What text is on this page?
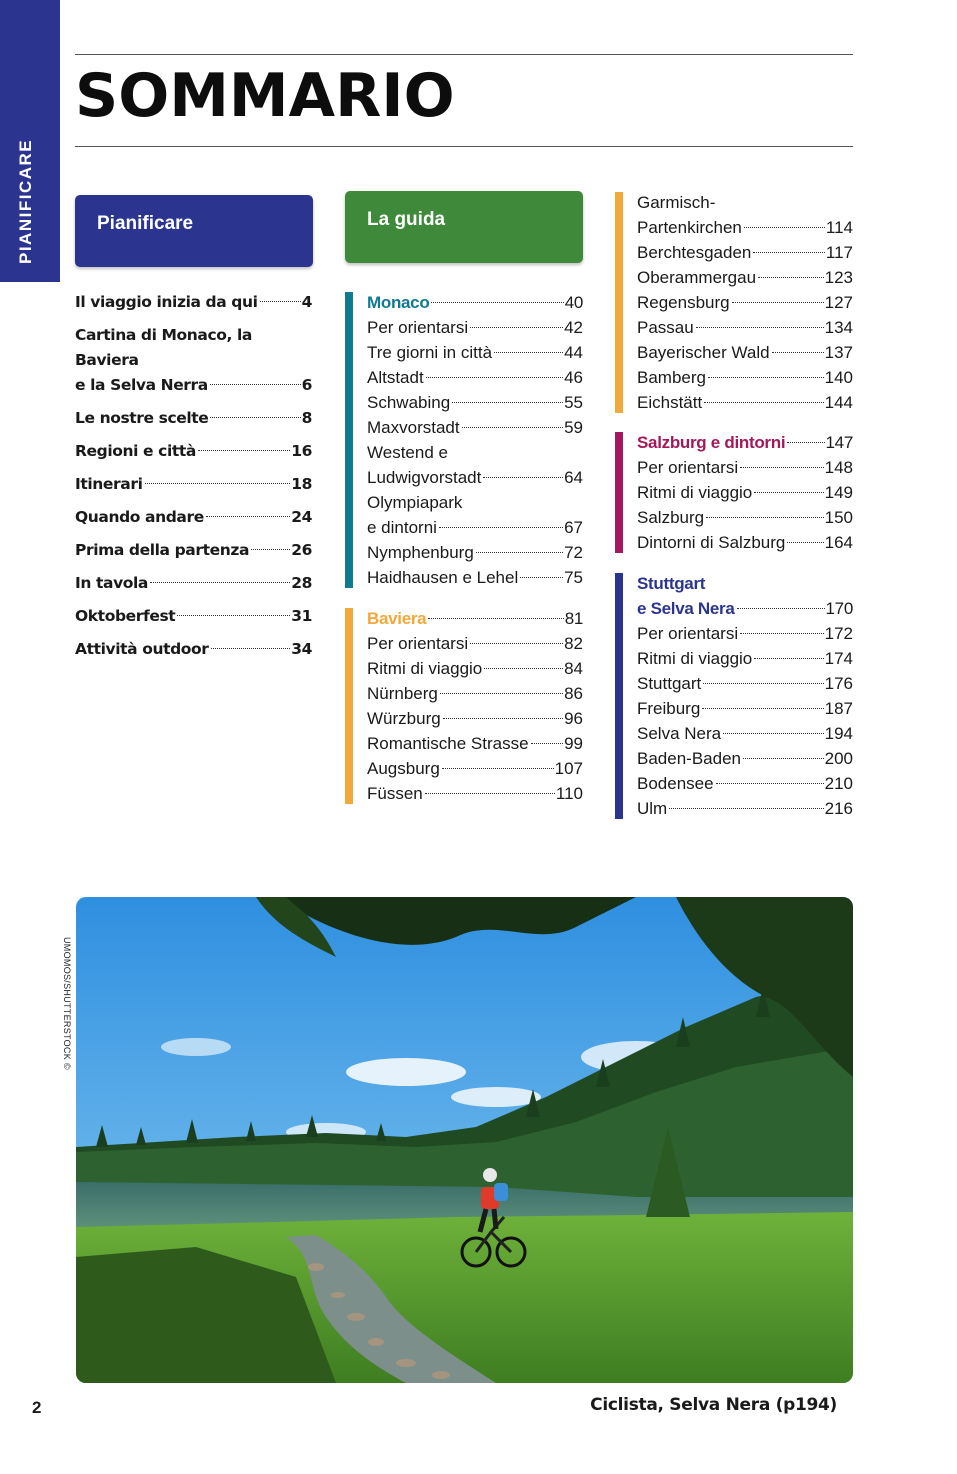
PIANIFICARE
SOMMARIO
Pianificare	La guida
Il viaggio inizia da qui	4
Cartina di Monaco, la Baviera
e la Selva Nerra	6
Le nostre scelte	8
Regioni e città	16
Itinerari	18
Quando andare	24
Prima della partenza	26
In tavola	28
Oktoberfest	31
Attività outdoor	34
Monaco	40
Per orientarsi	42
Tre giorni in città	44
Altstadt	46
Schwabing	55
Maxvorstadt	59
Westend e
Ludwigvorstadt	64
Olympiapark
e dintorni	67
Nymphenburg	72
Haidhausen e Lehel	75
Baviera	81
Per orientarsi	82
Ritmi di viaggio	84
Nürnberg	86
Würzburg	96
Romantische Strasse 99
Augsburg	107
Füssen	110
Garmisch-
Partenkirchen	114
Berchtesgaden	117
Oberammergau	123
Regensburg	127
Passau	134
Bayerischer Wald	137
Bamberg	140
Eichstätt	144
Salzburg e dintorni 147
Per orientarsi	148
Ritmi di viaggio	149
Salzburg	150
Dintorni di Salzburg 164
Stuttgart
e Selva Nera	170
Per orientarsi	172
Ritmi di viaggio	174
Stuttgart	176
Freiburg	187
Selva Nera	194
Baden-Baden	200
Bodensee	210
Ulm	216
UMOMOS/SHUTTERSTOCK ©
2	Ciclista, Selva Nera (p194)
